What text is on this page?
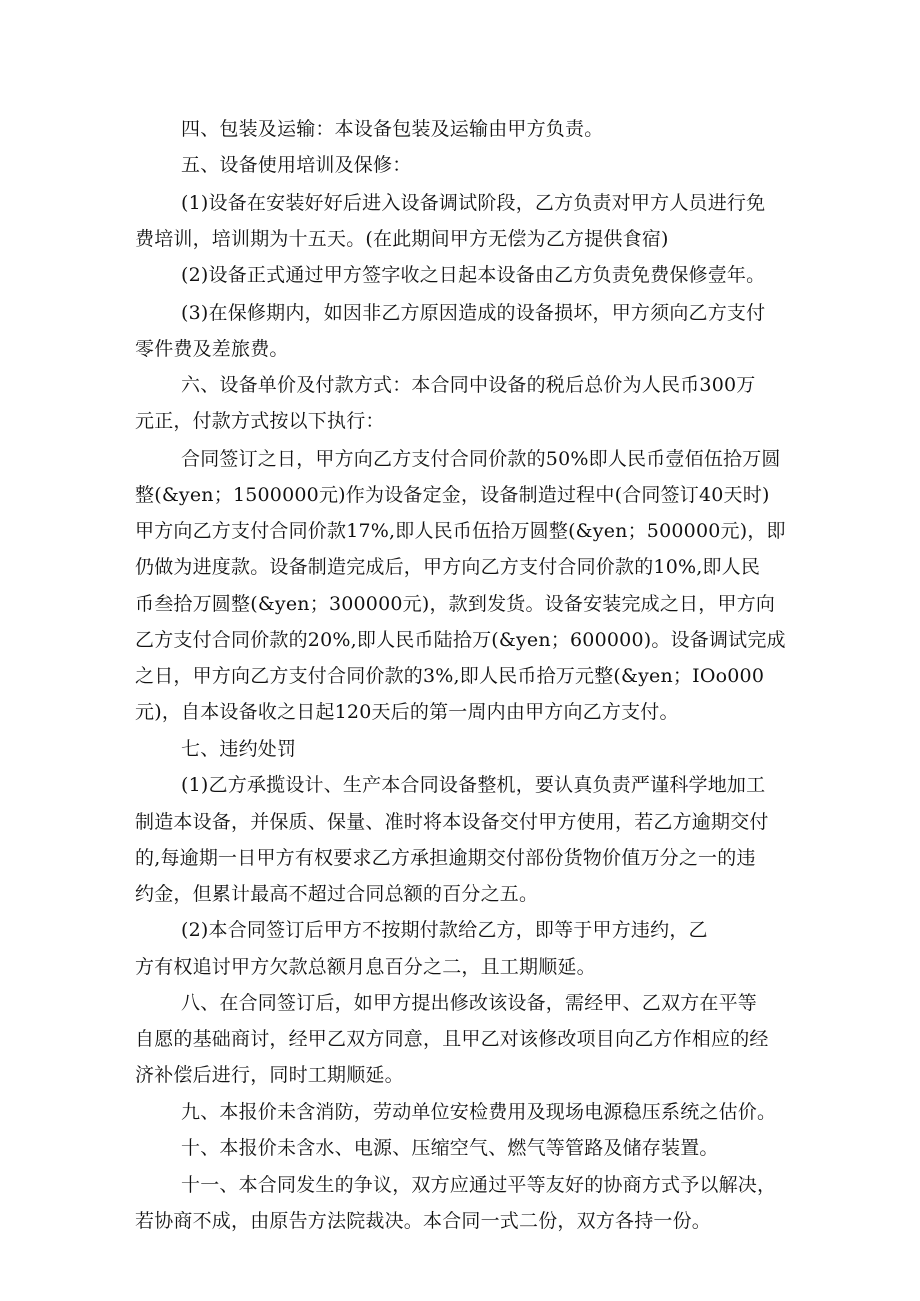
四、包装及运输：本设备包装及运输由甲方负责。
五、设备使用培训及保修：
(1)设备在安装好好后进入设备调试阶段，乙方负责对甲方人员进行免
费培训，培训期为十五天。(在此期间甲方无偿为乙方提供食宿)
(2)设备正式通过甲方签字收之日起本设备由乙方负责免费保修壹年。
(3)在保修期内，如因非乙方原因造成的设备损坏，甲方须向乙方支付
零件费及差旅费。
六、设备单价及付款方式：本合同中设备的税后总价为人民币300万
元正，付款方式按以下执行：
合同签订之日，甲方向乙方支付合同价款的50%即人民币壹佰伍拾万圆
整(&yen；1500000元)作为设备定金，设备制造过程中(合同签订40天时)
甲方向乙方支付合同价款17%,即人民币伍拾万圆整(&yen；500000元)，即
仍做为进度款。设备制造完成后，甲方向乙方支付合同价款的10%,即人民
币叁拾万圆整(&yen；300000元)，款到发货。设备安装完成之日，甲方向
乙方支付合同价款的20%,即人民币陆拾万(&yen；600000)。设备调试完成
之日，甲方向乙方支付合同价款的3%,即人民币拾万元整(&yen；IOo000
元)，自本设备收之日起120天后的第一周内由甲方向乙方支付。
七、违约处罚
(1)乙方承揽设计、生产本合同设备整机，要认真负责严谨科学地加工
制造本设备，并保质、保量、准时将本设备交付甲方使用，若乙方逾期交付
的,每逾期一日甲方有权要求乙方承担逾期交付部份货物价值万分之一的违
约金，但累计最高不超过合同总额的百分之五。
(2)本合同签订后甲方不按期付款给乙方，即等于甲方违约，乙
方有权追讨甲方欠款总额月息百分之二，且工期顺延。
八、在合同签订后，如甲方提出修改该设备，需经甲、乙双方在平等
自愿的基础商讨，经甲乙双方同意，且甲乙对该修改项目向乙方作相应的经
济补偿后进行，同时工期顺延。
九、本报价未含消防，劳动单位安检费用及现场电源稳压系统之估价。
十、本报价未含水、电源、压缩空气、燃气等管路及储存装置。
十一、本合同发生的争议，双方应通过平等友好的协商方式予以解决，
若协商不成，由原告方法院裁决。本合同一式二份，双方各持一份。
